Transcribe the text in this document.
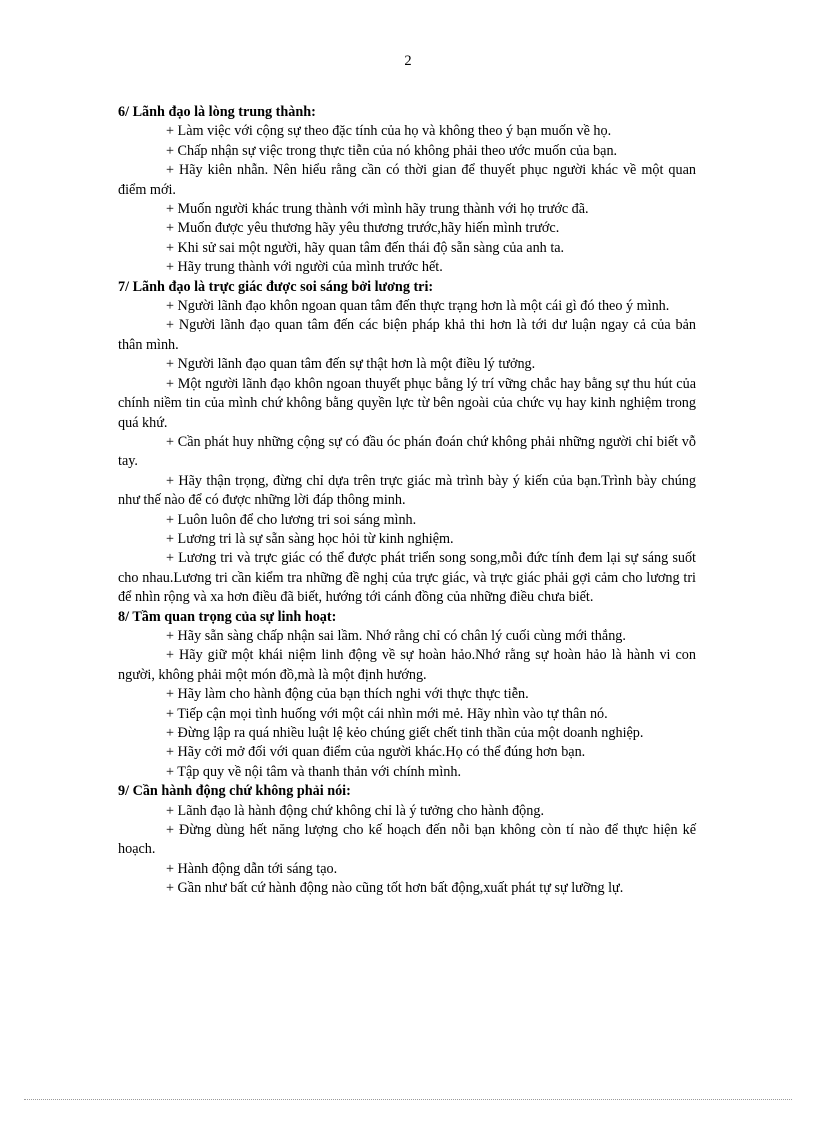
2

6/ Lãnh đạo là lòng trung thành:

+ Làm việc với cộng sự theo đặc tính của họ và không theo ý bạn muốn về họ.

+ Chấp nhận sự việc trong thực tiễn của nó không phải theo ước muốn của bạn.

+ Hãy kiên nhẫn. Nên hiểu rằng cần có thời gian để thuyết phục người khác về một quan điểm mới.

+ Muốn người khác trung thành với mình hãy trung thành với họ trước đã.

+ Muốn được yêu thương hãy yêu thương trước,hãy hiến mình trước.

+ Khi sử sai một người, hãy quan tâm đến thái độ sẵn sàng của anh ta.

+ Hãy trung thành với người của mình trước hết.

7/ Lãnh đạo là trực giác được soi sáng bởi lương tri:

+ Người lãnh đạo khôn ngoan quan tâm đến thực trạng hơn là một cái gì đó theo ý mình.

+ Người lãnh đạo quan tâm đến các biện pháp khả thi hơn là tới dư luận ngay cả của bản thân mình.

+ Người lãnh đạo quan tâm đến sự thật hơn là một điều lý tưởng.

+ Một người lãnh đạo khôn ngoan thuyết phục bằng lý trí vững chắc hay bằng sự thu hút của chính niềm tin của mình chứ không bằng quyền lực từ bên ngoài của chức vụ hay kinh nghiệm trong quá khứ.

+ Cần phát huy những cộng sự có đầu óc phán đoán chứ không phải những người chỉ biết vỗ tay.

+ Hãy thận trọng, đừng chỉ dựa trên trực giác mà trình bày ý kiến của bạn.Trình bày chúng như thế nào để có được những lời đáp thông minh.

+ Luôn luôn để cho lương tri soi sáng mình.

+ Lương tri là sự sẵn sàng học hỏi từ kinh nghiệm.

+ Lương tri và trực giác có thể được phát triển song song,mỗi đức tính đem lại sự sáng suốt cho nhau.Lương tri cần kiểm tra những đề nghị của trực giác, và trực giác phải gợi cảm cho lương tri để nhìn rộng và xa hơn điều đã biết, hướng tới cánh đồng của những điều chưa biết.

8/ Tầm quan trọng của sự linh hoạt:

+ Hãy sẵn sàng chấp nhận sai lầm. Nhớ rằng chỉ có chân lý cuối cùng mới thắng.

+ Hãy giữ một khái niệm linh động về sự hoàn hảo.Nhớ rằng sự hoàn hảo là hành vi con người, không phải một món đồ,mà là một định hướng.

+ Hãy làm cho hành động của bạn thích nghi với thực thực tiễn.

+ Tiếp cận mọi tình huống với một cái nhìn mới mẻ. Hãy nhìn vào tự thân nó.

+ Đừng lập ra quá nhiều luật lệ kẻo chúng giết chết tinh thần của một doanh nghiệp.

+ Hãy cởi mở đối với quan điểm của người khác.Họ có thể đúng hơn bạn.

+ Tập quy về nội tâm và thanh thản với chính mình.

9/ Cần hành động chứ không phải nói:

+ Lãnh đạo là hành động chứ không chỉ là ý tưởng cho hành động.

+ Đừng dùng hết năng lượng cho kế hoạch đến nỗi bạn không còn tí nào để thực hiện kế hoạch.

+ Hành động dẫn tới sáng tạo.

+ Gần như bất cứ hành động nào cũng tốt hơn bất động,xuất phát tự sự lưỡng lự.
